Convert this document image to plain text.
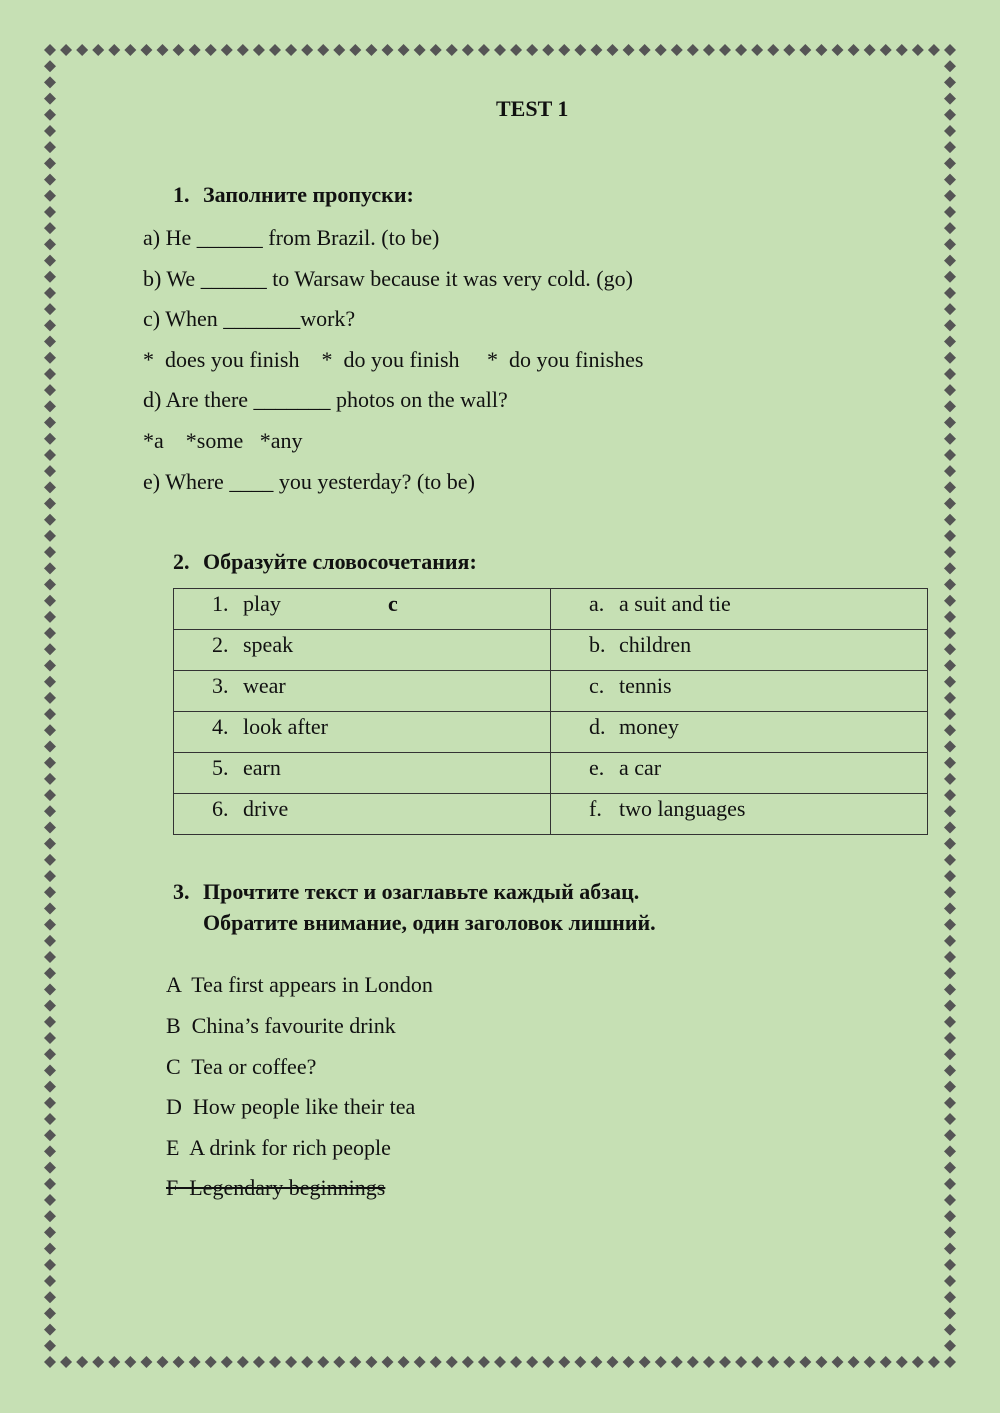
TEST 1
1. Заполните пропуски:
a) He ______ from Brazil. (to be)
b) We ______ to Warsaw because it was very cold. (go)
c) When _______work?
*  does you finish    *  do you finish     *  do you finishes
d) Are there _______ photos on the wall?
*a    *some   *any
e) Where ____ you yesterday? (to be)
2. Образуйте словосочетания:
1. play c	a. a suit and tie

2. speak	b. children

3. wear	c. tennis

4. look after	d. money

5. earn	e. a car

6. drive	f. two languages
3. Прочтите текст и озаглавьте каждый абзац.
Обратите внимание, один заголовок лишний.
A  Tea first appears in London
B  China’s favourite drink
C  Tea or coffee?
D  How people like their tea
E  A drink for rich people
F  Legendary beginnings
